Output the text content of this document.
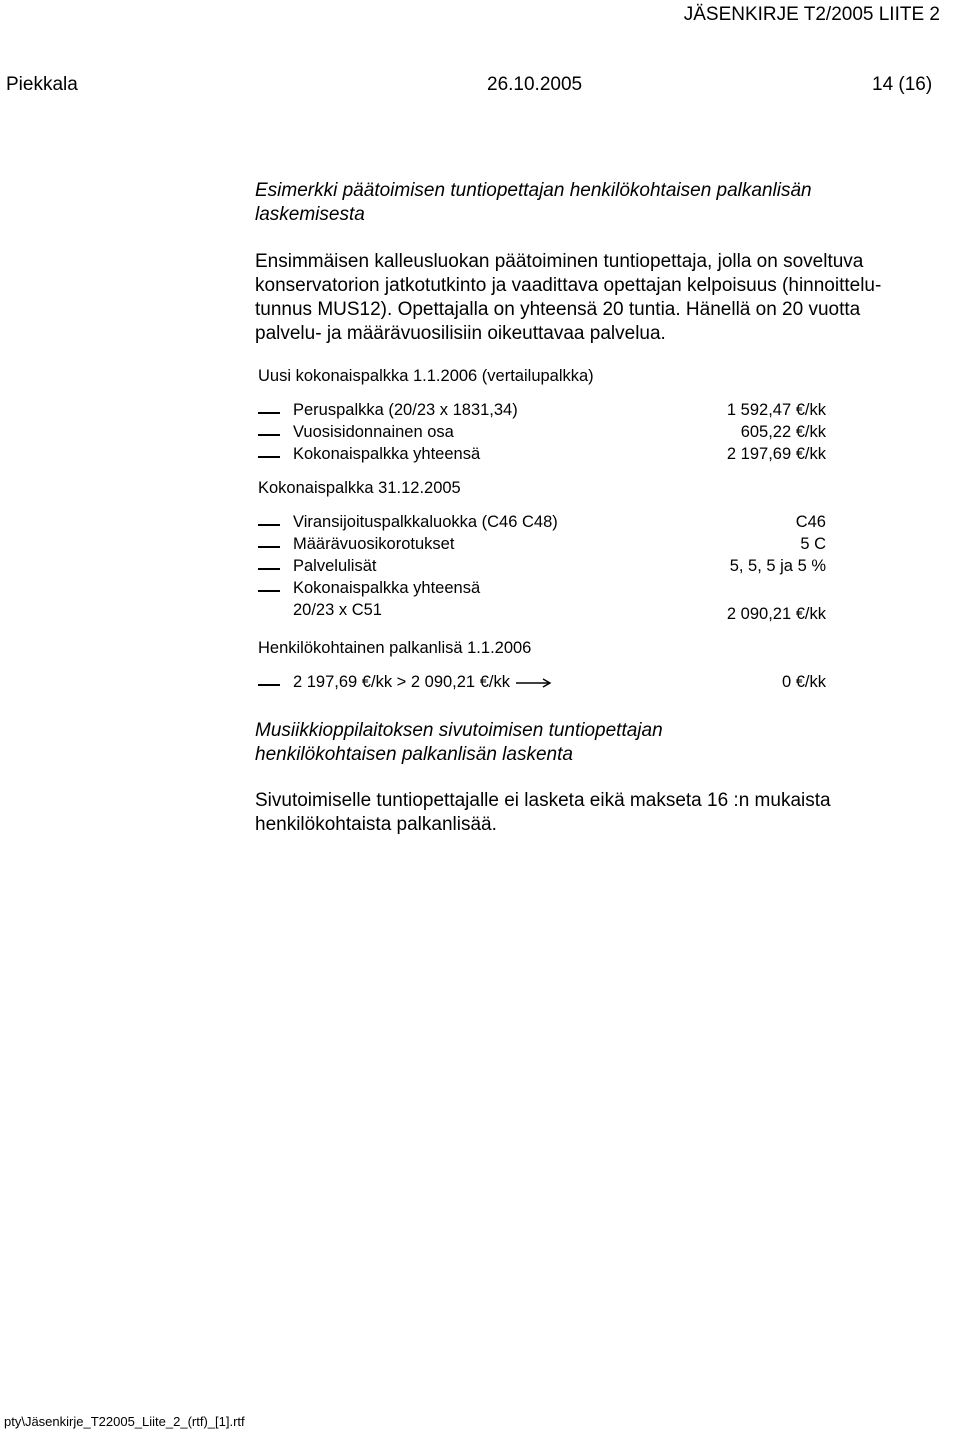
JÄSENKIRJE T2/2005 LIITE 2
Piekkala	26.10.2005	14 (16)
Esimerkki päätoimisen tuntiopettajan henkilökohtaisen palkanlisän
laskemisesta
Ensimmäisen kalleusluokan päätoiminen tuntiopettaja, jolla on soveltuva
konservatorion jatkotutkinto ja vaadittava opettajan kelpoisuus (hinnoittelu-
tunnus MUS12). Opettajalla on yhteensä 20 tuntia. Hänellä on 20 vuotta
palvelu- ja määrävuosilisiin oikeuttavaa palvelua.
Uusi kokonaispalkka 1.1.2006 (vertailupalkka)
Peruspalkka (20/23 x 1831,34)	1 592,47 €/kk
Vuosisidonnainen osa	605,22 €/kk
Kokonaispalkka yhteensä	2 197,69 €/kk
Kokonaispalkka 31.12.2005
Viransijoituspalkkaluokka (C46 C48)	C46
Määrävuosikorotukset	5 C
Palvelulisät	5, 5, 5 ja 5 %
Kokonaispalkka yhteensä
20/23 x C51	2 090,21 €/kk
Henkilökohtainen palkanlisä 1.1.2006
2 197,69 €/kk > 2 090,21 €/kk	0 €/kk
Musiikkioppilaitoksen sivutoimisen tuntiopettajan
henkilökohtaisen palkanlisän laskenta
Sivutoimiselle tuntiopettajalle ei lasketa eikä makseta 16 :n mukaista
henkilökohtaista palkanlisää.
pty\Jäsenkirje_T22005_Liite_2_(rtf)_[1].rtf
